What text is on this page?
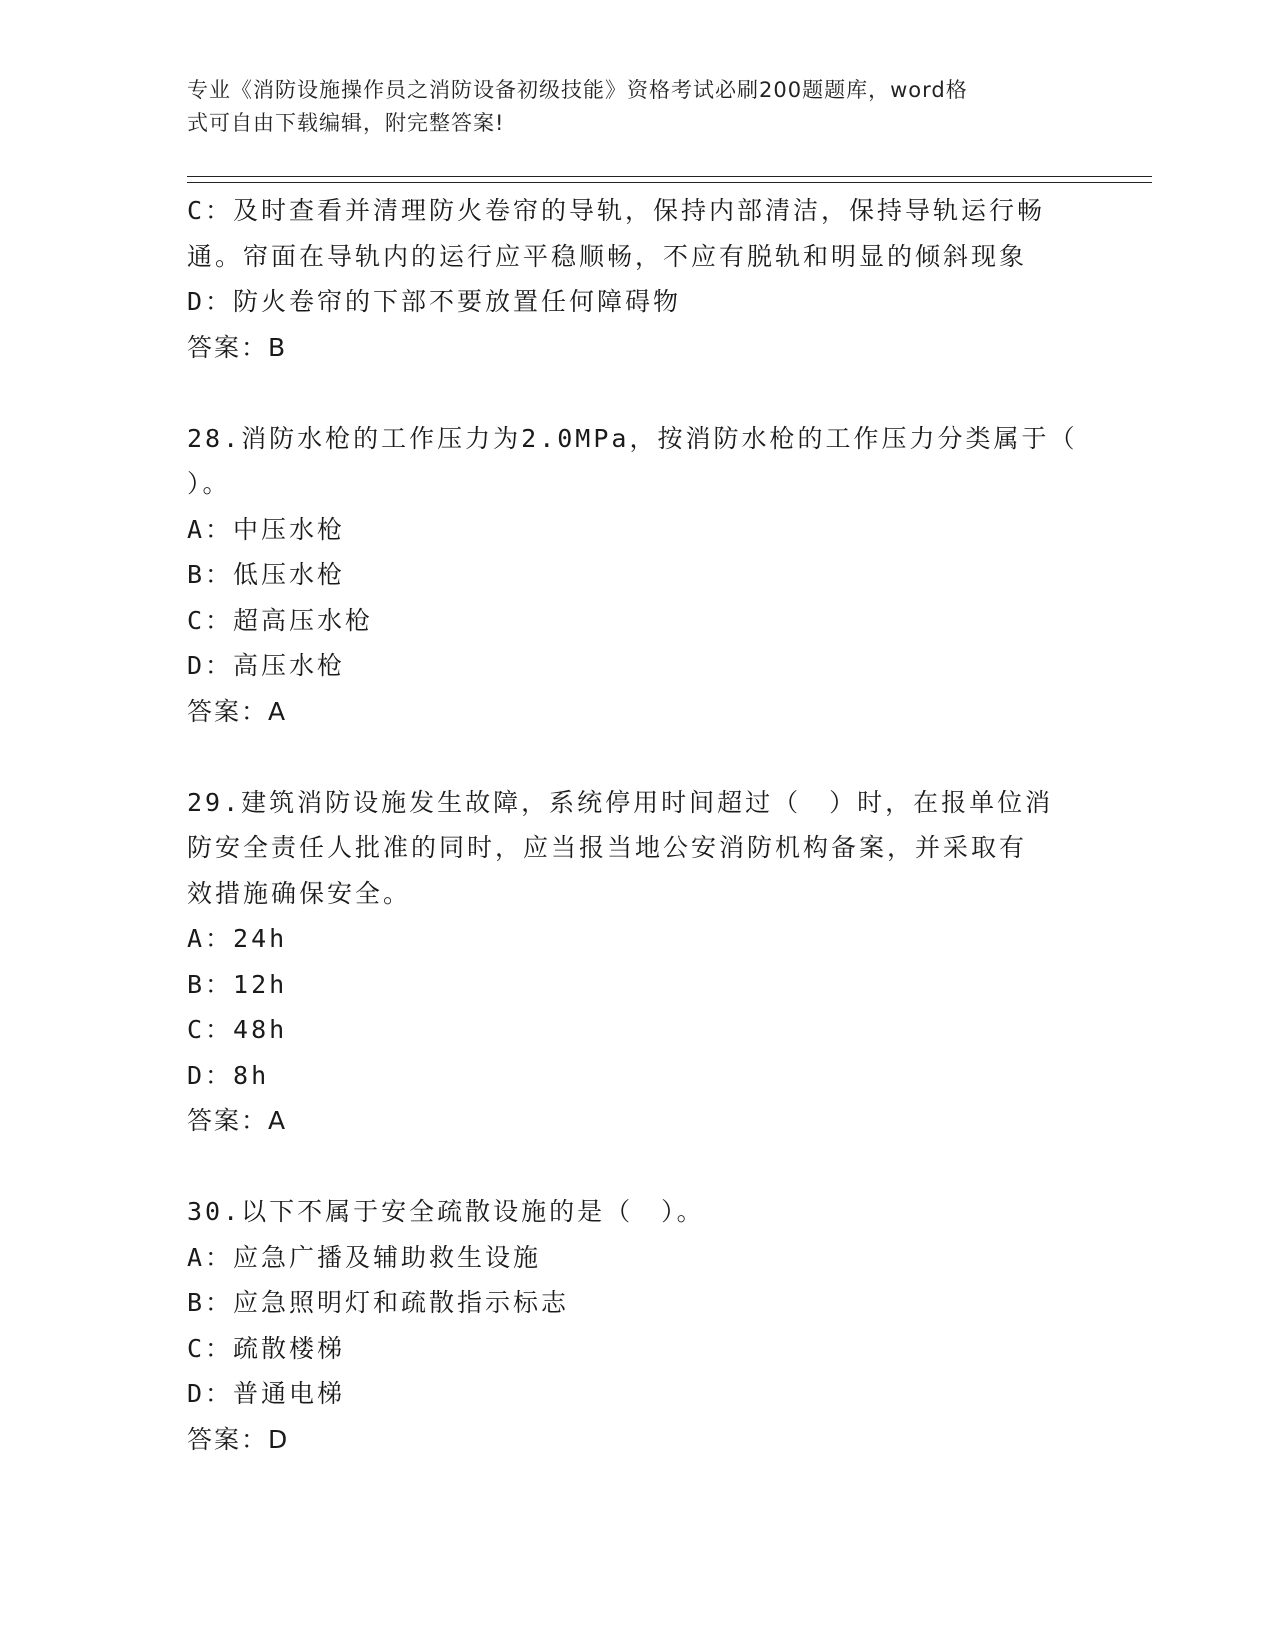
专业《消防设施操作员之消防设备初级技能》资格考试必刷200题题库，word格
式可自由下载编辑，附完整答案!
C：及时查看并清理防火卷帘的导轨，保持内部清洁，保持导轨运行畅
通。帘面在导轨内的运行应平稳顺畅，不应有脱轨和明显的倾斜现象
D：防火卷帘的下部不要放置任何障碍物
答案：B
28.消防水枪的工作压力为2.0MPa，按消防水枪的工作压力分类属于（
）。
A：中压水枪
B：低压水枪
C：超高压水枪
D：高压水枪
答案：A
29.建筑消防设施发生故障，系统停用时间超过（　）时，在报单位消
防安全责任人批准的同时，应当报当地公安消防机构备案，并采取有
效措施确保安全。
A：24h
B：12h
C：48h
D：8h
答案：A
30.以下不属于安全疏散设施的是（　）。
A：应急广播及辅助救生设施
B：应急照明灯和疏散指示标志
C：疏散楼梯
D：普通电梯
答案：D
